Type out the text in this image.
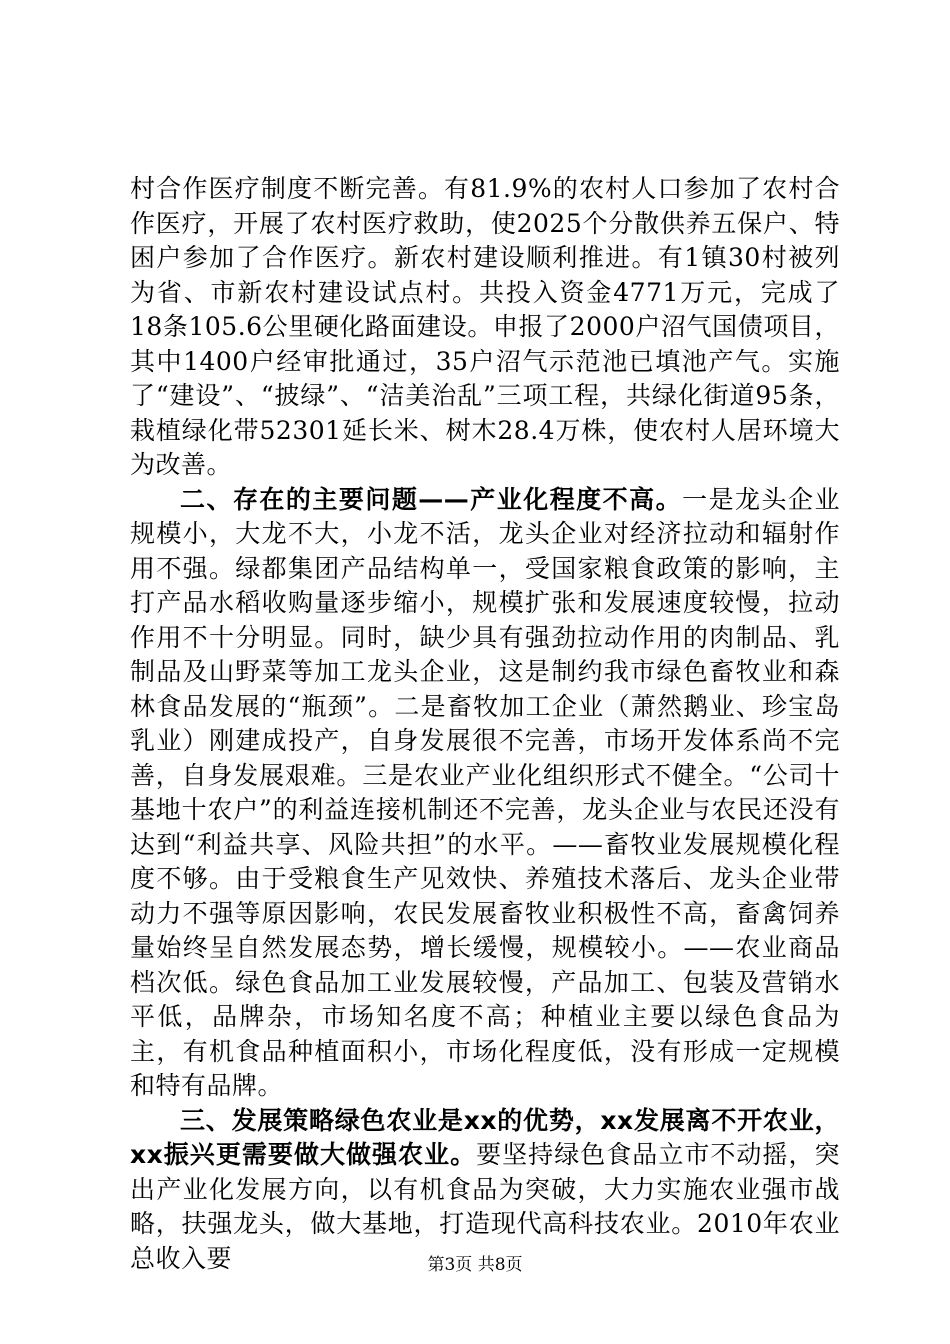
村合作医疗制度不断完善。有81.9%的农村人口参加了农村合作医疗，开展了农村医疗救助，使2025个分散供养五保户、特困户参加了合作医疗。新农村建设顺利推进。有1镇30村被列为省、市新农村建设试点村。共投入资金4771万元，完成了18条105.6公里硬化路面建设。申报了2000户沼气国债项目，其中1400户经审批通过，35户沼气示范池已填池产气。实施了“建设”、“披绿”、“洁美治乱”三项工程，共绿化街道95条，栽植绿化带52301延长米、树木28.4万株，使农村人居环境大为改善。

二、存在的主要问题——产业化程度不高。一是龙头企业规模小，大龙不大，小龙不活，龙头企业对经济拉动和辐射作用不强。绿都集团产品结构单一，受国家粮食政策的影响，主打产品水稻收购量逐步缩小，规模扩张和发展速度较慢，拉动作用不十分明显。同时，缺少具有强劲拉动作用的肉制品、乳制品及山野菜等加工龙头企业，这是制约我市绿色畜牧业和森林食品发展的“瓶颈”。二是畜牧加工企业（萧然鹅业、珍宝岛乳业）刚建成投产，自身发展很不完善，市场开发体系尚不完善，自身发展艰难。三是农业产业化组织形式不健全。“公司十基地十农户”的利益连接机制还不完善，龙头企业与农民还没有达到“利益共享、风险共担”的水平。——畜牧业发展规模化程度不够。由于受粮食生产见效快、养殖技术落后、龙头企业带动力不强等原因影响，农民发展畜牧业积极性不高，畜禽饲养量始终呈自然发展态势，增长缓慢，规模较小。——农业商品档次低。绿色食品加工业发展较慢，产品加工、包装及营销水平低，品牌杂，市场知名度不高；种植业主要以绿色食品为主，有机食品种植面积小，市场化程度低，没有形成一定规模和特有品牌。

三、发展策略绿色农业是xx的优势，xx发展离不开农业，xx振兴更需要做大做强农业。要坚持绿色食品立市不动摇，突出产业化发展方向，以有机食品为突破，大力实施农业强市战略，扶强龙头，做大基地，打造现代高科技农业。2010年农业总收入要	第3页 共8页
